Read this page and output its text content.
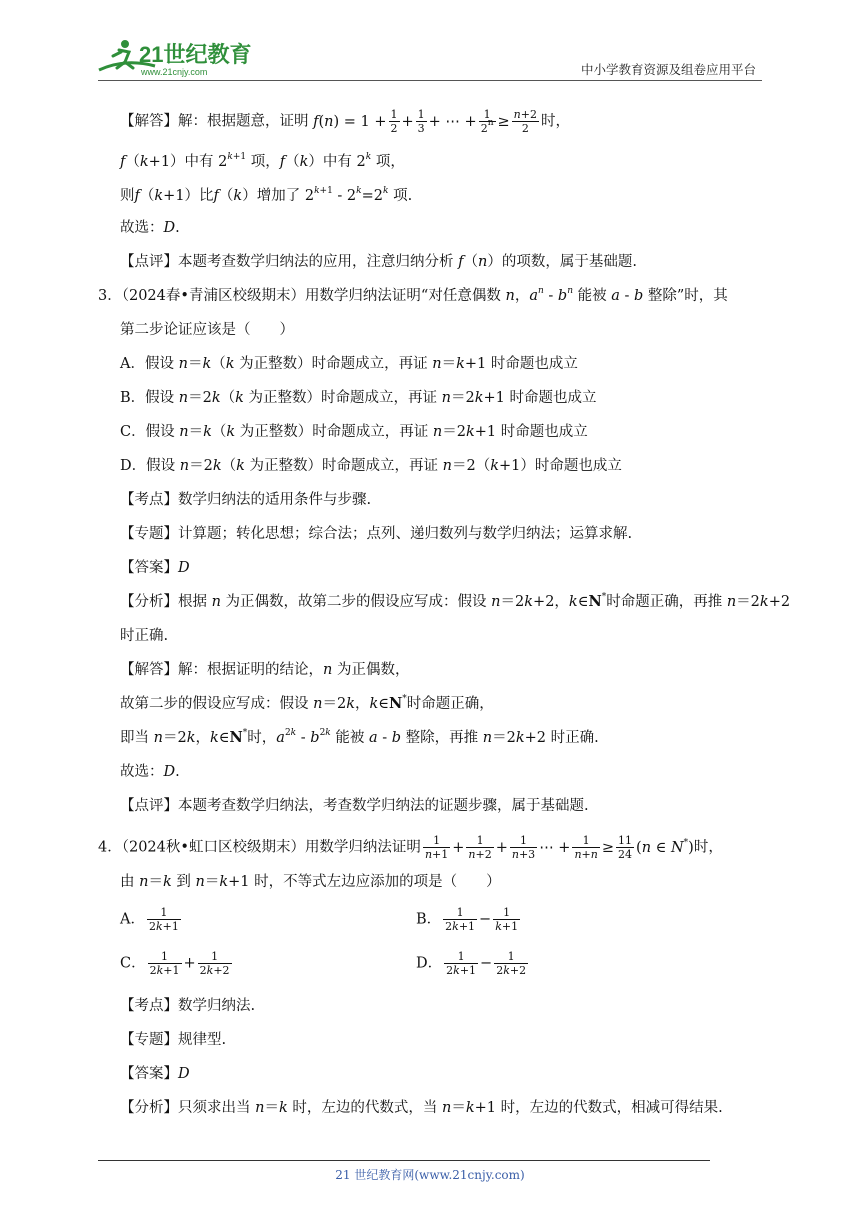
21世纪教育
www.21cnjy.com	中小学教育资源及组卷应用平台
【解答】解：根据题意，证明 $f(n) = 1 + \frac{1}{2} + \frac{1}{3}$ + ⋯ + $\frac{1}{2^n} \ge \frac{n+2}{2}$ 时，
f（k+1）中有 $2^{k+1}$ 项，f（k）中有 2$^k$ 项，
则f（k+1）比f（k）增加了 $2^{k+1} - 2^k=2^k$ 项.
故选：D.
【点评】本题考查数学归纳法的应用，注意归纳分析 f（n）的项数，属于基础题.
3．（2024春•青浦区校级期末）用数学归纳法证明“对任意偶数 n，$a^n - b^n$ 能被 a - b 整除”时，其
第二步论证应该是（　　）
A．假设 n＝k（k 为正整数）时命题成立，再证 n＝k+1 时命题也成立
B．假设 n＝2k（k 为正整数）时命题成立，再证 n＝2k+1 时命题也成立
C．假设 n＝k（k 为正整数）时命题成立，再证 n＝2k+1 时命题也成立
D．假设 n＝2k（k 为正整数）时命题成立，再证 n＝2（k+1）时命题也成立
【考点】数学归纳法的适用条件与步骤.
【专题】计算题；转化思想；综合法；点列、递归数列与数学归纳法；运算求解.
【答案】D
【分析】根据 n 为正偶数，故第二步的假设应写成：假设 n＝2k+2，k∈N*时命题正确，再推 n＝2k+2
时正确.
【解答】解：根据证明的结论，n 为正偶数，
故第二步的假设应写成：假设 n＝2k，k∈N*时命题正确，
即当 n＝2k，k∈N*时，$a^{2k} - b^{2k}$ 能被 a - b 整除，再推 n＝2k+2 时正确.
故选：D.
【点评】本题考查数学归纳法，考查数学归纳法的证题步骤，属于基础题.
4．（2024秋•虹口区校级期末）用数学归纳法证明 $\frac{1}{n+1} + \frac{1}{n+2} + \frac{1}{n+3}$ ⋯ + $\frac{1}{n+n} \ge \frac{11}{24} (n$ ∈ N*)时，
由 n＝k 到 n＝k+1 时，不等式左边应添加的项是（　　）
A． $\frac{1}{2k+1}$	B． $\frac{1}{2k+1} - \frac{1}{k+1}$
C． $\frac{1}{2k+1} + \frac{1}{2k+2}$	D． $\frac{1}{2k+1} - \frac{1}{2k+2}$
【考点】数学归纳法.
【专题】规律型.
【答案】D
【分析】只须求出当 n＝k 时，左边的代数式，当 n＝k+1 时，左边的代数式，相减可得结果.
21 世纪教育网(www.21cnjy.com)
